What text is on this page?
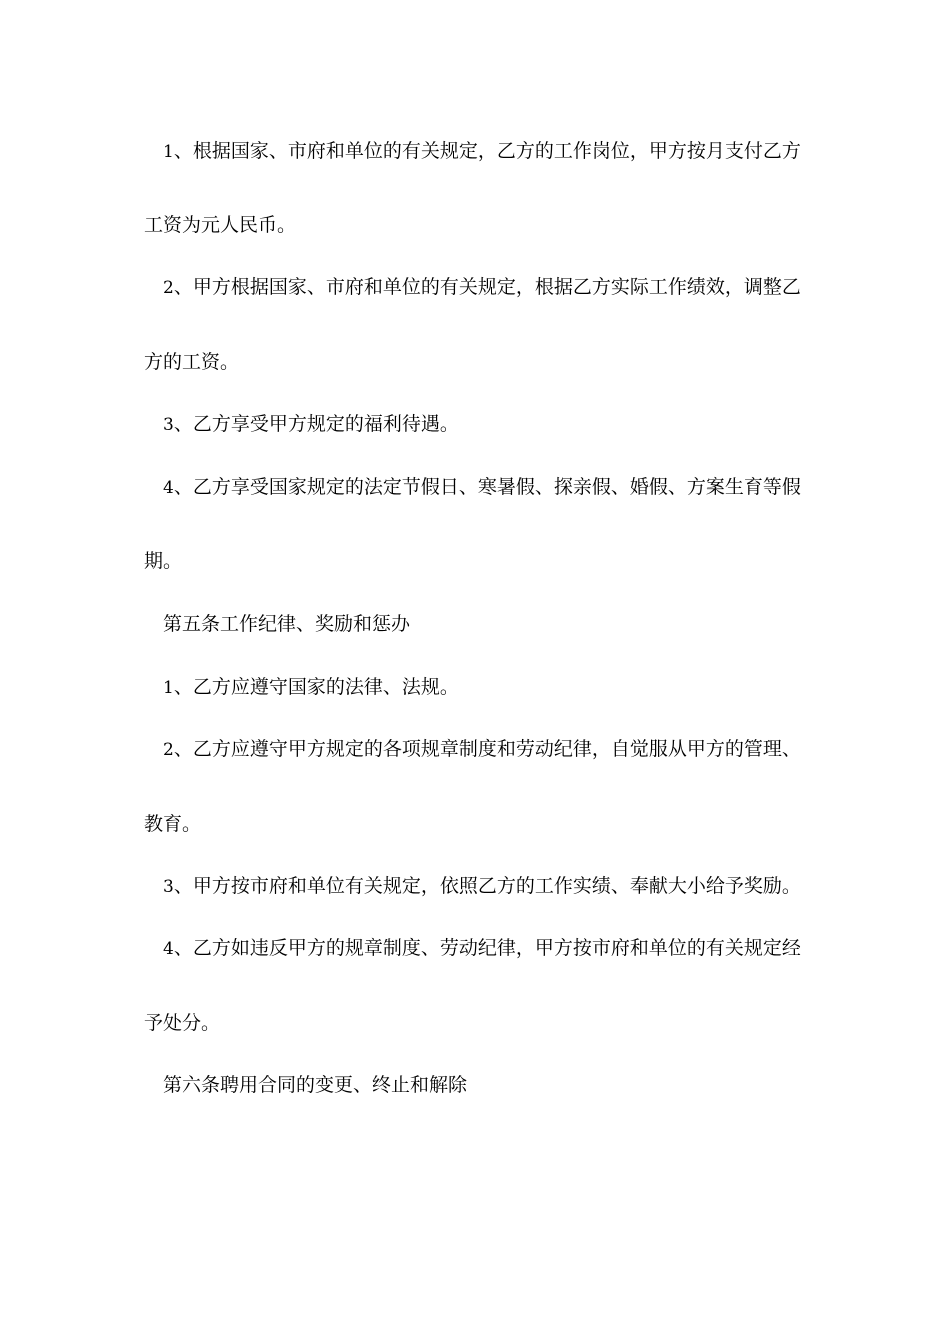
1、根据国家、市府和单位的有关规定，乙方的工作岗位，甲方按月支付乙方
工资为元人民币。
2、甲方根据国家、市府和单位的有关规定，根据乙方实际工作绩效，调整乙
方的工资。
3、乙方享受甲方规定的福利待遇。
4、乙方享受国家规定的法定节假日、寒暑假、探亲假、婚假、方案生育等假
期。
第五条工作纪律、奖励和惩办
1、乙方应遵守国家的法律、法规。
2、乙方应遵守甲方规定的各项规章制度和劳动纪律，自觉服从甲方的管理、
教育。
3、甲方按市府和单位有关规定，依照乙方的工作实绩、奉献大小给予奖励。
4、乙方如违反甲方的规章制度、劳动纪律，甲方按市府和单位的有关规定经
予处分。
第六条聘用合同的变更、终止和解除
